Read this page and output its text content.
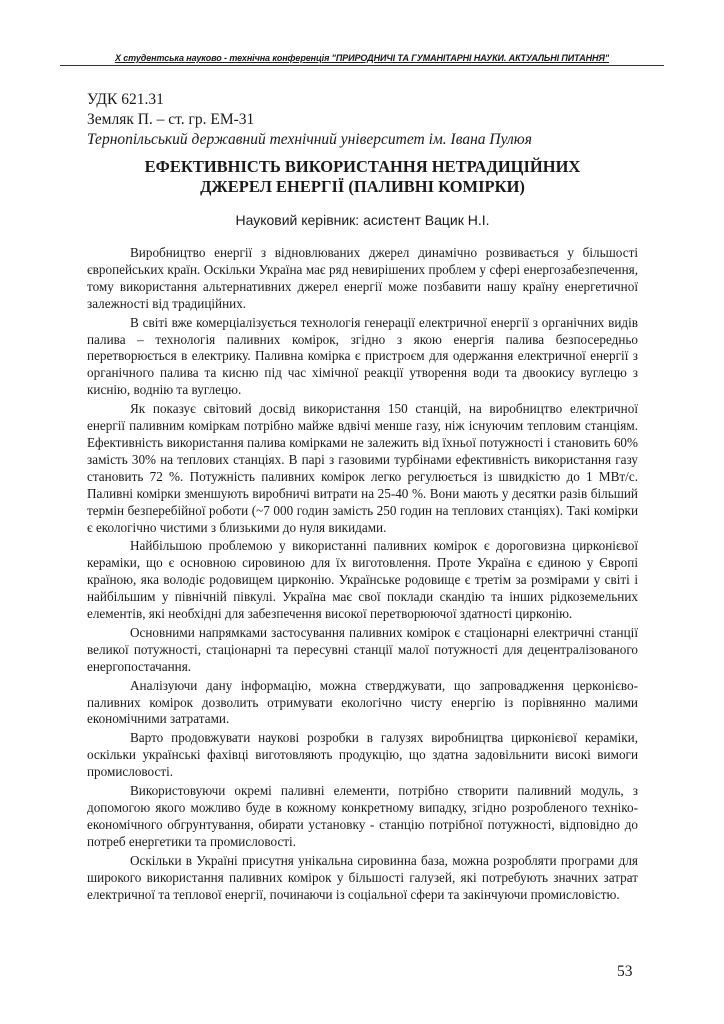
Х студентська науково - технічна конференція "ПРИРОДНИЧІ ТА ГУМАНІТАРНІ НАУКИ. АКТУАЛЬНІ ПИТАННЯ"
УДК 621.31
Земляк П. – ст. гр. ЕМ-31
Тернопільський державний технічний університет ім. Івана Пулюя
ЕФЕКТИВНІСТЬ ВИКОРИСТАННЯ НЕТРАДИЦІЙНИХ
ДЖЕРЕЛ ЕНЕРГІЇ (ПАЛИВНІ КОМІРКИ)
Науковий керівник: асистент Вацик Н.І.

Виробництво енергії з відновлюваних джерел динамічно розвивається у більшості європейських країн. Оскільки Україна має ряд невирішених проблем у сфері енергозабезпечення, тому використання альтернативних джерел енергії може позбавити нашу країну енергетичної залежності від традиційних.

В світі вже комерціалізується технологія генерації електричної енергії з органічних видів палива – технологія паливних комірок, згідно з якою енергія палива безпосередньо перетворюється в електрику. Паливна комірка є пристроєм для одержання електричної енергії з органічного палива та кисню під час хімічної реакції утворення води та двоокису вуглецю з киснію, воднію та вуглецю.

Як показує світовий досвід використання 150 станцій, на виробництво електричної енергії паливним коміркам потрібно майже вдвічі менше газу, ніж існуючим тепловим станціям. Ефективність використання палива комірками не залежить від їхньої потужності і становить 60% замість 30% на теплових станціях. В парі з газовими турбінами ефективність використання газу становить 72 %. Потужність паливних комірок легко регулюється із швидкістю до 1 МВт/с. Паливні комірки зменшують виробничі витрати на 25-40 %. Вони мають у десятки разів більший термін безперебійної роботи (~7 000 годин замість 250 годин на теплових станціях). Такі комірки є екологічно чистими з близькими до нуля викидами.

Найбільшою проблемою у використанні паливних комірок є дороговизна цирконієвої кераміки, що є основною сировиною для їх виготовлення. Проте Україна є єдиною у Європі країною, яка володіє родовищем цирконію. Українське родовище є третім за розмірами у світі і найбільшим у північній півкулі. Україна має свої поклади скандію та інших рідкоземельних елементів, які необхідні для забезпечення високої перетворюючої здатності цирконію.

Основними напрямками застосування паливних комірок є стаціонарні електричні станції великої потужності, стаціонарні та пересувні станції малої потужності для децентралізованого енергопостачання.

Аналізуючи дану інформацію, можна стверджувати, що запровадження церконієво-паливних комірок дозволить отримувати екологічно чисту енергію із порівнянно малими економічними затратами.

Варто продовжувати наукові розробки в галузях виробництва цирконієвої кераміки, оскільки українські фахівці виготовляють продукцію, що здатна задовільнити високі вимоги промисловості.

Використовуючи окремі паливні елементи, потрібно створити паливний модуль, з допомогою якого можливо буде в кожному конкретному випадку, згідно розробленого техніко-економічного обгрунтування, обирати установку - станцію потрібної потужності, відповідно до потреб енергетики та промисловості.

Оскільки в Україні присутня унікальна сировинна база, можна розробляти програми для широкого використання паливних комірок у більшості галузей, які потребують значних затрат електричної та теплової енергії, починаючи із соціальної сфери та закінчуючи промисловістю.

53
